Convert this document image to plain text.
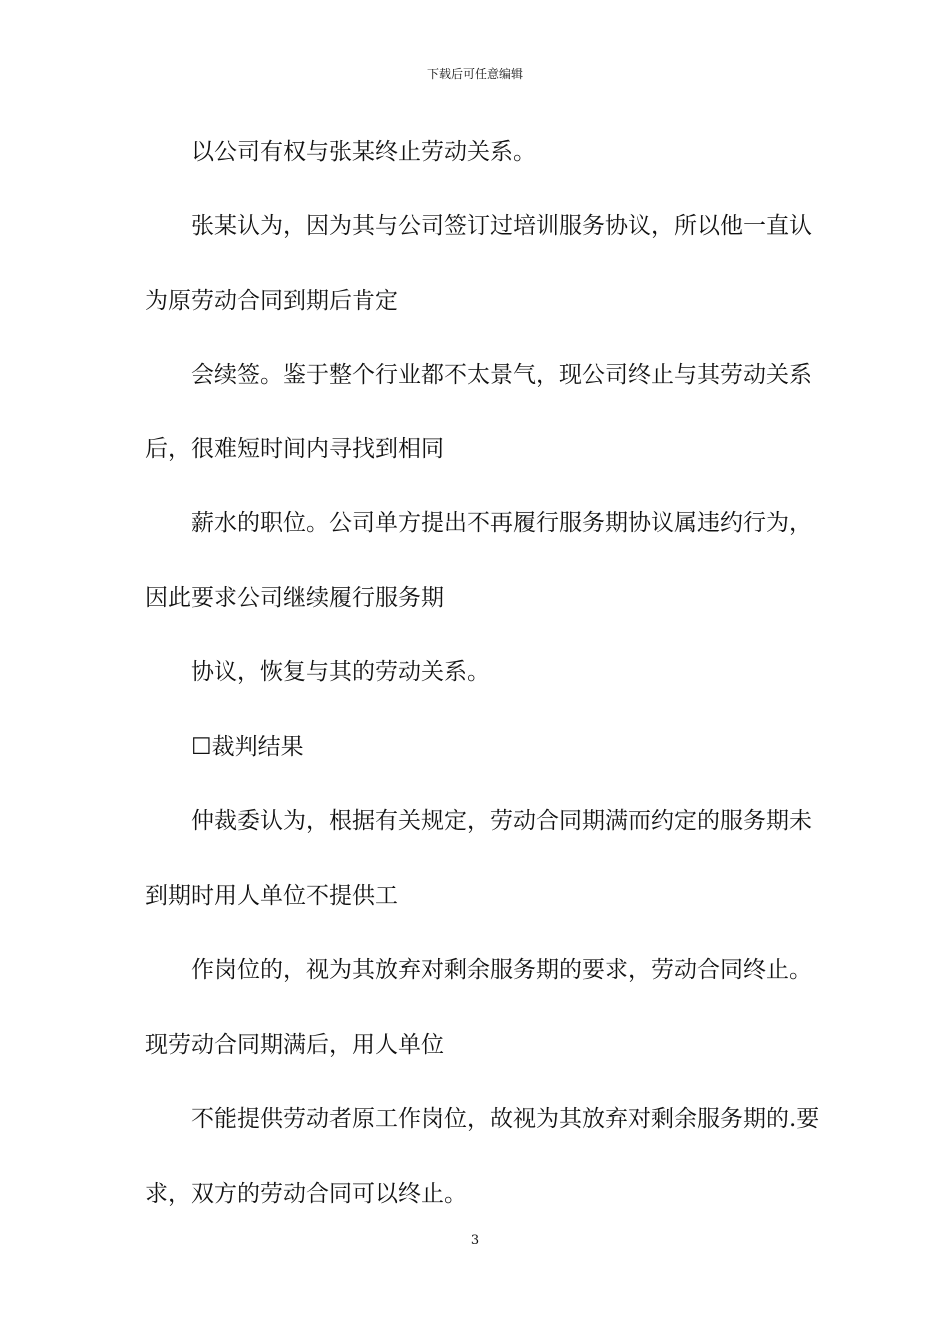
下载后可任意编辑
以公司有权与张某终止劳动关系。
张某认为，因为其与公司签订过培训服务协议，所以他一直认
为原劳动合同到期后肯定
会续签。鉴于整个行业都不太景气，现公司终止与其劳动关系
后，很难短时间内寻找到相同
薪水的职位。公司单方提出不再履行服务期协议属违约行为，
因此要求公司继续履行服务期
协议，恢复与其的劳动关系。
☐裁判结果
仲裁委认为，根据有关规定，劳动合同期满而约定的服务期未
到期时用人单位不提供工
作岗位的，视为其放弃对剩余服务期的要求，劳动合同终止。
现劳动合同期满后，用人单位
不能提供劳动者原工作岗位，故视为其放弃对剩余服务期的.要
求，双方的劳动合同可以终止。
3
